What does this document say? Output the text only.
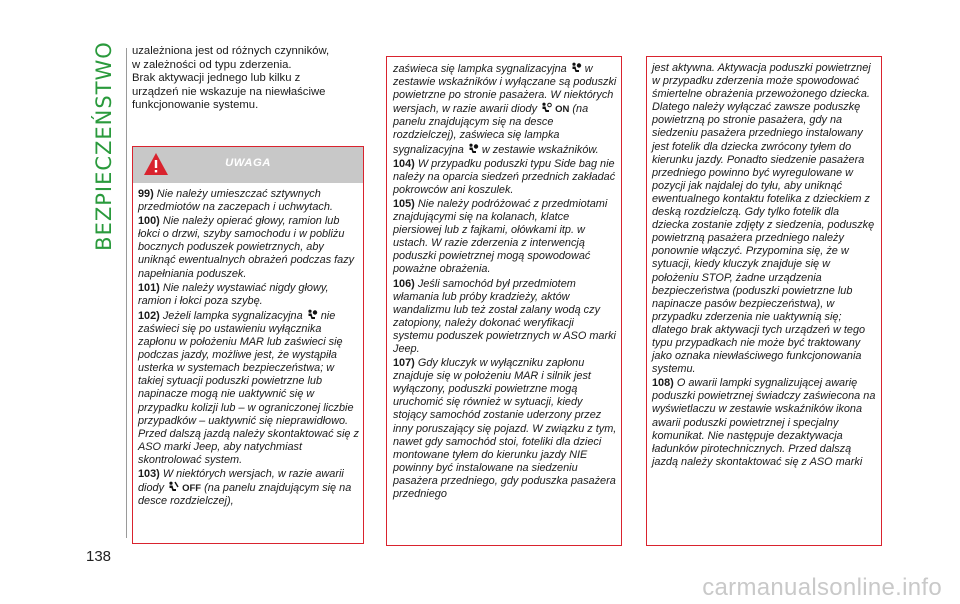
BEZPIECZEŃSTWO
138

uzależniona jest od różnych czynników,

w zależności od typu zderzenia.

Brak aktywacji jednego lub kilku z

urządzeń nie wskazuje na niewłaściwe

funkcjonowanie systemu.

UWAGA

99) Nie należy umieszczać sztywnych przedmiotów na zaczepach i uchwytach.

100) Nie należy opierać głowy, ramion lub łokci o drzwi, szyby samochodu i w pobliżu bocznych poduszek powietrznych, aby uniknąć ewentualnych obrażeń podczas fazy napełniania poduszek.

101) Nie należy wystawiać nigdy głowy, ramion i łokci poza szybę.

102) Jeżeli lampka sygnalizacyjna nie zaświeci się po ustawieniu wyłącznika zapłonu w położeniu MAR lub zaświeci się podczas jazdy, możliwe jest, że wystąpiła usterka w systemach bezpieczeństwa; w takiej sytuacji poduszki powietrzne lub napinacze mogą nie uaktywnić się w przypadku kolizji lub – w ograniczonej liczbie przypadków – uaktywnić się nieprawidłowo. Przed dalszą jazdą należy skontaktować się z ASO marki Jeep, aby natychmiast skontrolować system.

103) W niektórych wersjach, w razie awarii diody OFF (na panelu znajdującym się na desce rozdzielczej),

zaświeca się lampka sygnalizacyjna w zestawie wskaźników i wyłączane są poduszki powietrzne po stronie pasażera. W niektórych wersjach, w razie awarii diody ON (na panelu znajdującym się na desce rozdzielczej), zaświeca się lampka sygnalizacyjna w zestawie wskaźników.

104) W przypadku poduszki typu Side bag nie należy na oparcia siedzeń przednich zakładać pokrowców ani koszulek.

105) Nie należy podróżować z przedmiotami znajdującymi się na kolanach, klatce piersiowej lub z fajkami, ołówkami itp. w ustach. W razie zderzenia z interwencją poduszki powietrznej mogą spowodować poważne obrażenia.

106) Jeśli samochód był przedmiotem włamania lub próby kradzieży, aktów wandalizmu lub też został zalany wodą czy zatopiony, należy dokonać weryfikacji systemu poduszek powietrznych w ASO marki Jeep.

107) Gdy kluczyk w wyłączniku zapłonu znajduje się w położeniu MAR i silnik jest wyłączony, poduszki powietrzne mogą uruchomić się również w sytuacji, kiedy stojący samochód zostanie uderzony przez inny poruszający się pojazd. W związku z tym, nawet gdy samochód stoi, foteliki dla dzieci montowane tyłem do kierunku jazdy NIE powinny być instalowane na siedzeniu pasażera przedniego, gdy poduszka pasażera przedniego

jest aktywna. Aktywacja poduszki powietrznej w przypadku zderzenia może spowodować śmiertelne obrażenia przewożonego dziecka. Dlatego należy wyłączać zawsze poduszkę powietrzną po stronie pasażera, gdy na siedzeniu pasażera przedniego instalowany jest fotelik dla dziecka zwrócony tyłem do kierunku jazdy. Ponadto siedzenie pasażera przedniego powinno być wyregulowane w pozycji jak najdalej do tyłu, aby uniknąć ewentualnego kontaktu fotelika z dzieckiem z deską rozdzielczą. Gdy tylko fotelik dla dziecka zostanie zdjęty z siedzenia, poduszkę powietrzną pasażera przedniego należy ponownie włączyć. Przypomina się, że w sytuacji, kiedy kluczyk znajduje się w położeniu STOP, żadne urządzenia bezpieczeństwa (poduszki powietrzne lub napinacze pasów bezpieczeństwa), w przypadku zderzenia nie uaktywnią się; dlatego brak aktywacji tych urządzeń w tego typu przypadkach nie może być traktowany jako oznaka niewłaściwego funkcjonowania systemu.

108) O awarii lampki sygnalizującej awarię poduszki powietrznej świadczy zaświecona na wyświetlaczu w zestawie wskaźników ikona awarii poduszki powietrznej i specjalny komunikat. Nie następuje dezaktywacja ładunków pirotechnicznych. Przed dalszą jazdą należy skontaktować się z ASO marki

carmanualsonline.info
